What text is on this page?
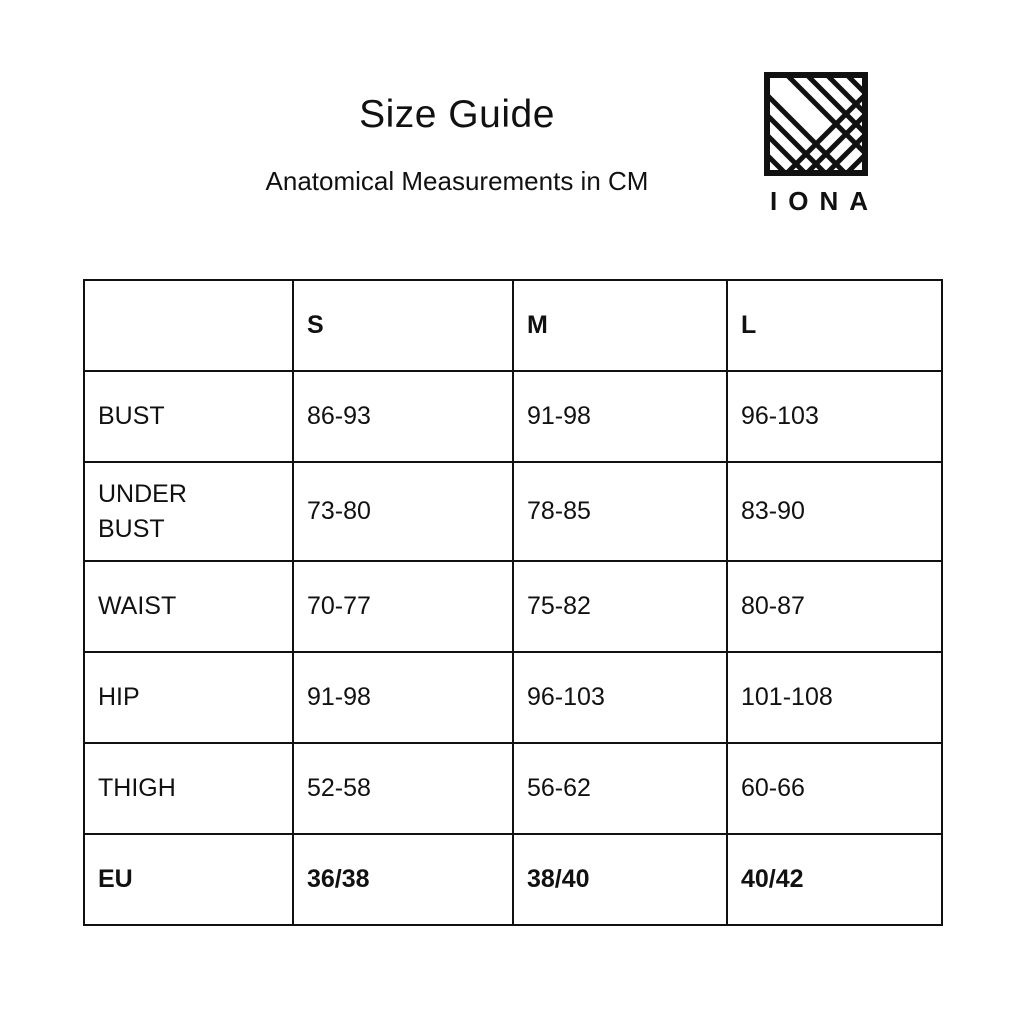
Size Guide

Anatomical Measurements in CM

IONA
	S	M	L
BUST	86-93	91-98	96-103
UNDER
BUST	73-80	78-85	83-90
WAIST	70-77	75-82	80-87
HIP	91-98	96-103	101-108
THIGH	52-58	56-62	60-66
EU	36/38	38/40	40/42
